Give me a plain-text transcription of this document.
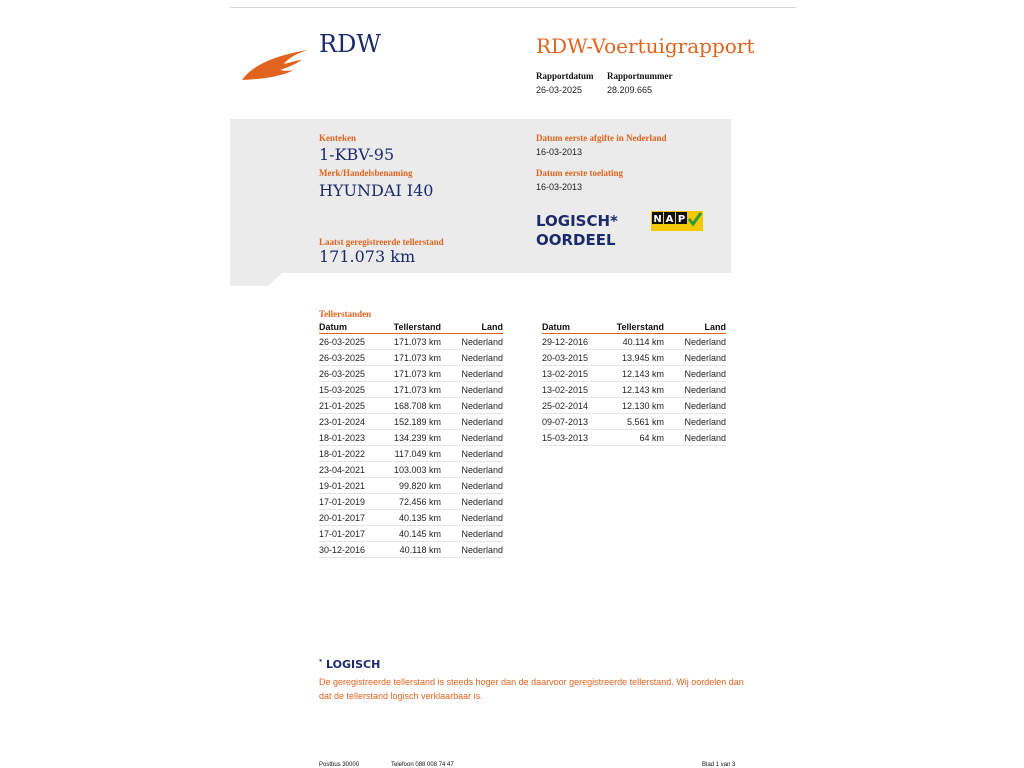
RDW	RDW-Voertuigrapport
Rapportdatum
26-03-2025
Rapportnummer
28.209.665
Kenteken
1-KBV-95
Merk/Handelsbenaming
HYUNDAI I40
Laatst geregistreerde tellerstand
171.073 km
Datum eerste afgifte in Nederland
16-03-2013
Datum eerste toelating
16-03-2013
LOGISCH*
OORDEEL
N A P
Tellerstanden
Datum	Tellerstand	Land
26-03-2025	171.073 km	Nederland
26-03-2025	171.073 km	Nederland
26-03-2025	171.073 km	Nederland
15-03-2025	171.073 km	Nederland
21-01-2025	168.708 km	Nederland
23-01-2024	152.189 km	Nederland
18-01-2023	134.239 km	Nederland
18-01-2022	117.049 km	Nederland
23-04-2021	103.003 km	Nederland
19-01-2021	99.820 km	Nederland
17-01-2019	72.456 km	Nederland
20-01-2017	40.135 km	Nederland
17-01-2017	40.145 km	Nederland
30-12-2016	40.118 km	Nederland
Datum	Tellerstand	Land
29-12-2016	40.114 km	Nederland
20-03-2015	13.945 km	Nederland
13-02-2015	12.143 km	Nederland
13-02-2015	12.143 km	Nederland
25-02-2014	12.130 km	Nederland
09-07-2013	5.561 km	Nederland
15-03-2013	64 km	Nederland
* LOGISCH
De geregistreerde tellerstand is steeds hoger dan de daarvoor geregistreerde tellerstand. Wij oordelen dan dat de tellerstand logisch verklaarbaar is.
Postbus 30000	Telefoon 088 008 74 47	Blad 1 van 3
